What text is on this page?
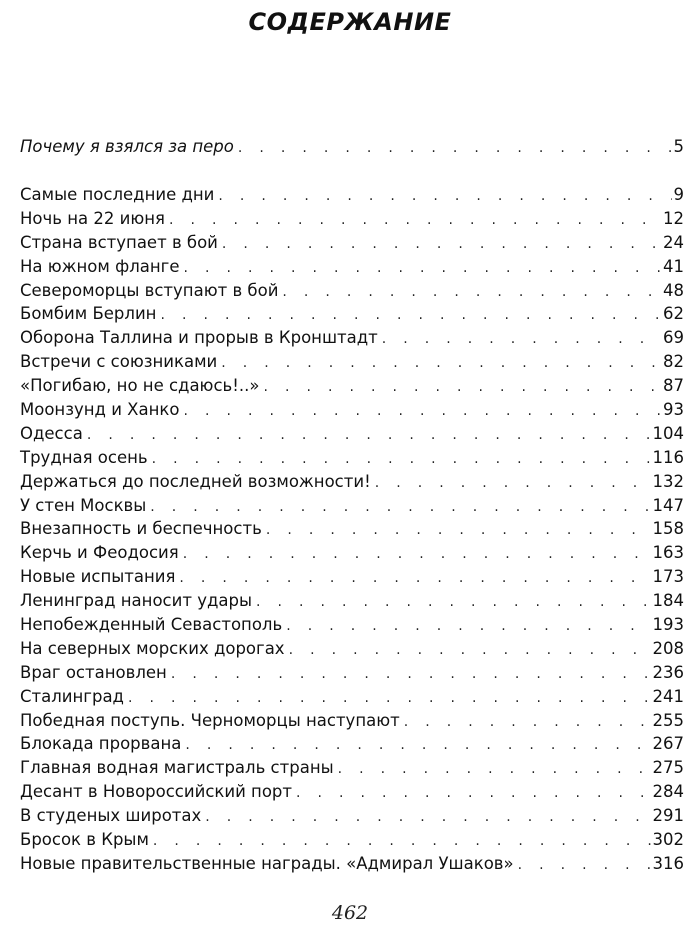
СОДЕРЖАНИЕ
Почему я взялся за перо . . .	5
Самые последние дни . . .	9
Ночь на 22 июня . . .	12
Страна вступает в бой . . .	24
На южном фланге . . .	41
Североморцы вступают в бой . . .	48
Бомбим Берлин . . .	62
Оборона Таллина и прорыв в Кронштадт . . .	69
Встречи с союзниками . . .	82
«Погибаю, но не сдаюсь!..» . . .	87
Моонзунд и Ханко . . .	93
Одесса . . .	104
Трудная осень . . .	116
Держаться до последней возможности! . . .	132
У стен Москвы . . .	147
Внезапность и беспечность . . .	158
Керчь и Феодосия . . .	163
Новые испытания . . .	173
Ленинград наносит удары . . .	184
Непобежденный Севастополь . . .	193
На северных морских дорогах . . .	208
Враг остановлен . . .	236
Сталинград . . .	241
Победная поступь. Черноморцы наступают . . .	255
Блокада прорвана . . .	267
Главная водная магистраль страны . . .	275
Десант в Новороссийский порт . . .	284
В студеных широтах . . .	291
Бросок в Крым . . .	302
Новые правительственные награды. «Адмирал Ушаков» . . .	316
462
